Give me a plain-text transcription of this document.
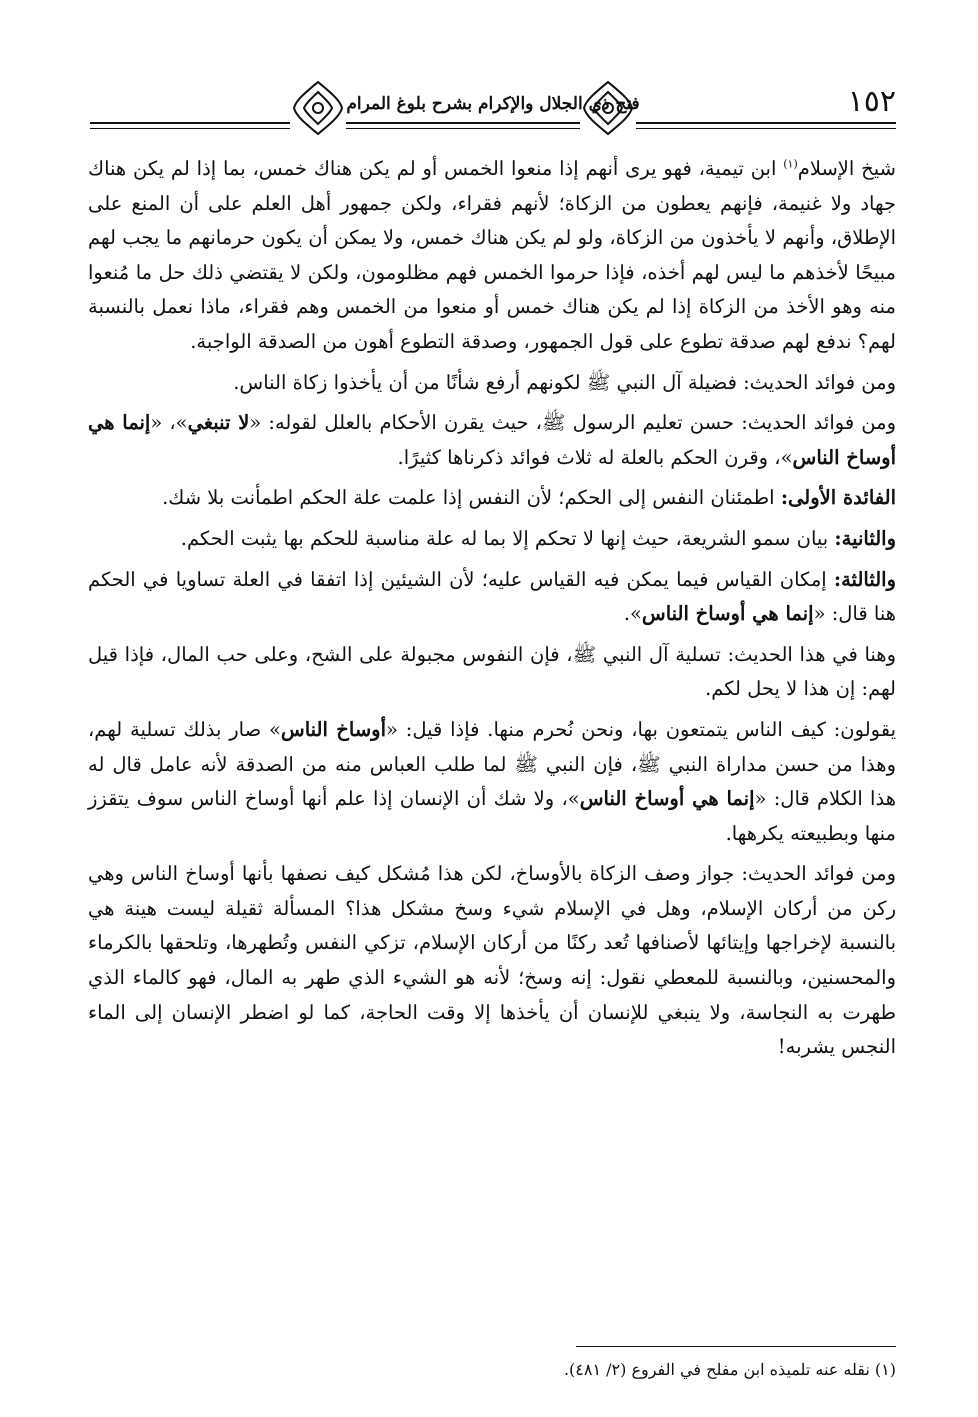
١٥٢
فتح ذي الجلال والإكرام بشرح بلوغ المرام

شيخ الإسلام$^{(١)}$ ابن تيمية، فهو يرى أنهم إذا منعوا الخمس أو لم يكن هناك خمس، بما إذا لم يكن هناك جهاد ولا غنيمة، فإنهم يعطون من الزكاة؛ لأنهم فقراء، ولكن جمهور أهل العلم على أن المنع على الإطلاق، وأنهم لا يأخذون من الزكاة، ولو لم يكن هناك خمس، ولا يمكن أن يكون حرمانهم ما يجب لهم مبيحًا لأخذهم ما ليس لهم أخذه، فإذا حرموا الخمس فهم مظلومون، ولكن لا يقتضي ذلك حل ما مُنعوا منه وهو الأخذ من الزكاة إذا لم يكن هناك خمس أو منعوا من الخمس وهم فقراء، ماذا نعمل بالنسبة لهم؟ ندفع لهم صدقة تطوع على قول الجمهور، وصدقة التطوع أهون من الصدقة الواجبة.

ومن فوائد الحديث: فضيلة آل النبي ﷺ لكونهم أرفع شأنًا من أن يأخذوا زكاة الناس.

ومن فوائد الحديث: حسن تعليم الرسول ﷺ، حيث يقرن الأحكام بالعلل لقوله: «لا تنبغي»، «إنما هي أوساخ الناس»، وقرن الحكم بالعلة له ثلاث فوائد ذكرناها كثيرًا.

الفائدة الأولى: اطمئنان النفس إلى الحكم؛ لأن النفس إذا علمت علة الحكم اطمأنت بلا شك.

والثانية: بيان سمو الشريعة، حيث إنها لا تحكم إلا بما له علة مناسبة للحكم بها يثبت الحكم.

والثالثة: إمكان القياس فيما يمكن فيه القياس عليه؛ لأن الشيئين إذا اتفقا في العلة تساويا في الحكم هنا قال: «إنما هي أوساخ الناس».

وهنا في هذا الحديث: تسلية آل النبي ﷺ، فإن النفوس مجبولة على الشح، وعلى حب المال، فإذا قيل لهم: إن هذا لا يحل لكم.

يقولون: كيف الناس يتمتعون بها، ونحن نُحرم منها. فإذا قيل: «أوساخ الناس» صار بذلك تسلية لهم، وهذا من حسن مداراة النبي ﷺ، فإن النبي ﷺ لما طلب العباس منه من الصدقة لأنه عامل قال له هذا الكلام قال: «إنما هي أوساخ الناس»، ولا شك أن الإنسان إذا علم أنها أوساخ الناس سوف يتقزز منها وبطبيعته يكرهها.

ومن فوائد الحديث: جواز وصف الزكاة بالأوساخ، لكن هذا مُشكل كيف نصفها بأنها أوساخ الناس وهي ركن من أركان الإسلام، وهل في الإسلام شيء وسخ مشكل هذا؟ المسألة ثقيلة ليست هينة هي بالنسبة لإخراجها وإيتائها لأصنافها تُعد ركنًا من أركان الإسلام، تزكي النفس وتُطهرها، وتلحقها بالكرماء والمحسنين، وبالنسبة للمعطي نقول: إنه وسخ؛ لأنه هو الشيء الذي طهر به المال، فهو كالماء الذي طهرت به النجاسة، ولا ينبغي للإنسان أن يأخذها إلا وقت الحاجة، كما لو اضطر الإنسان إلى الماء النجس يشربه!

(١) نقله عنه تلميذه ابن مفلح في الفروع (٢/ ٤٨١).
